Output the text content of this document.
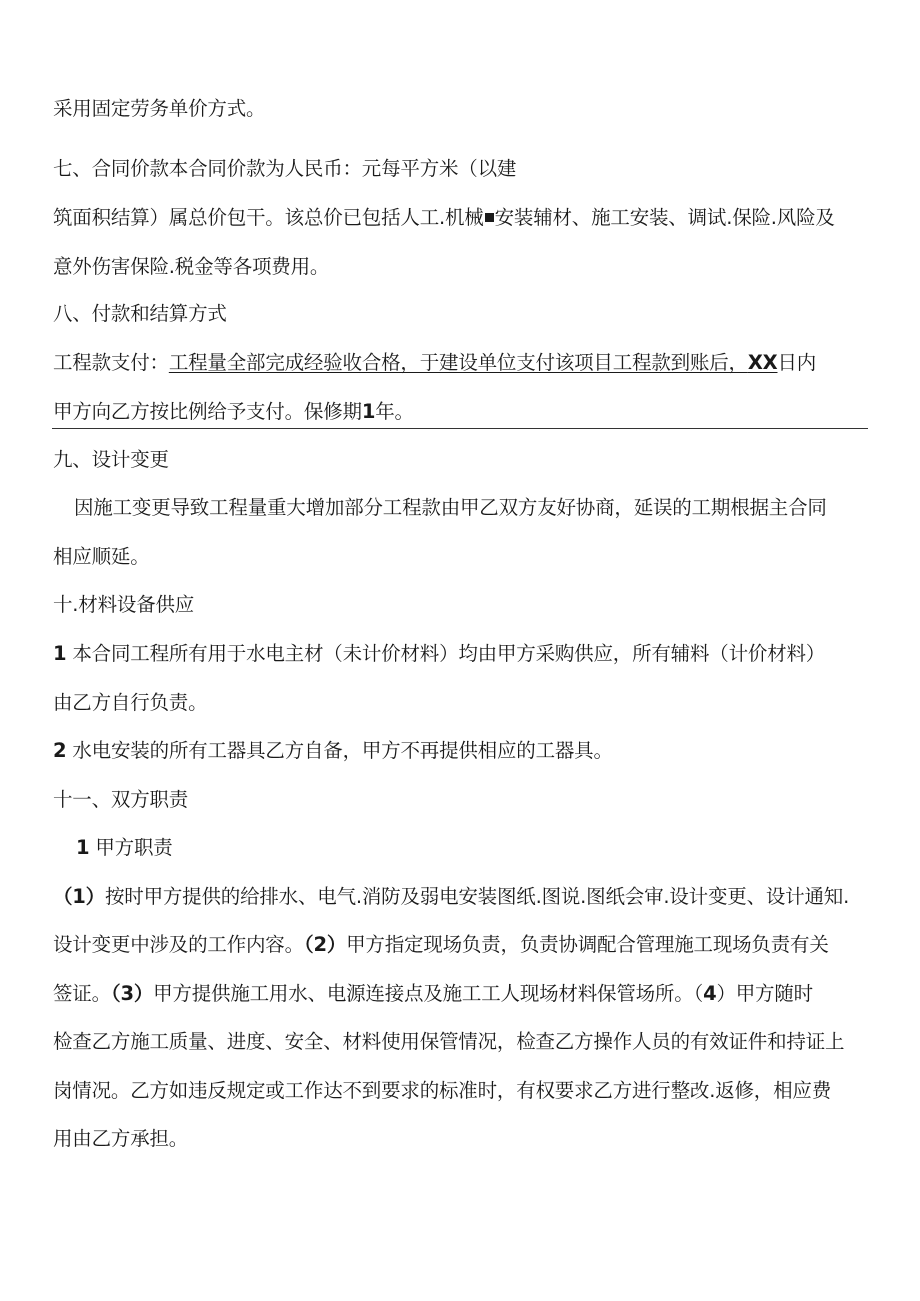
采用固定劳务单价方式。
七、合同价款本合同价款为人民币：元每平方米（以建
筑面积结算）属总价包干。该总价已包括人工.机械 安装辅材、施工安装、调试.保险.风险及
意外伤害保险.税金等各项费用。
八、付款和结算方式
工程款支付：工程量全部完成经验收合格，于建设单位支付该项目工程款到账后，XX日内
甲方向乙方按比例给予支付。保修期1年。
九、设计变更
因施工变更导致工程量重大增加部分工程款由甲乙双方友好协商，延误的工期根据主合同
相应顺延。
十.材料设备供应
1 本合同工程所有用于水电主材（未计价材料）均由甲方采购供应，所有辅料（计价材料）
由乙方自行负责。
2 水电安装的所有工器具乙方自备，甲方不再提供相应的工器具。
十一、双方职责
1 甲方职责
（1）按时甲方提供的给排水、电气.消防及弱电安装图纸.图说.图纸会审.设计变更、设计通知.
设计变更中涉及的工作内容。（2）甲方指定现场负责，负责协调配合管理施工现场负责有关
签证。（3）甲方提供施工用水、电源连接点及施工工人现场材料保管场所。（4）甲方随时
检查乙方施工质量、进度、安全、材料使用保管情况，检查乙方操作人员的有效证件和持证上
岗情况。乙方如违反规定或工作达不到要求的标准时，有权要求乙方进行整改.返修，相应费
用由乙方承担。
